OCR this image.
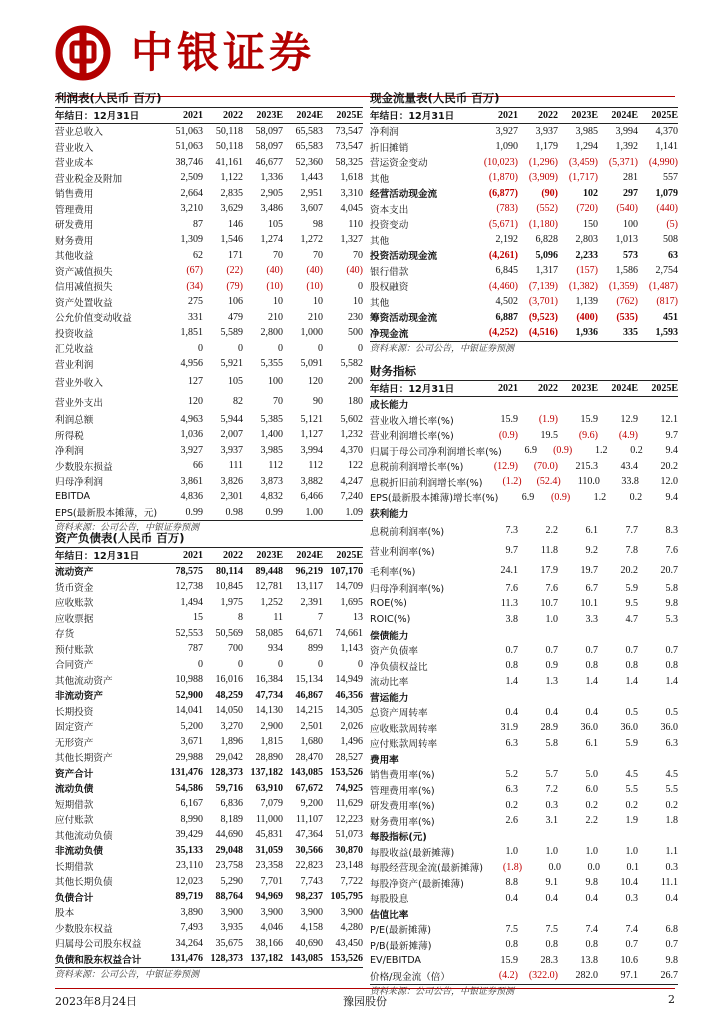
中银证券
利润表(人民币 百万)
年结日：12月31日	2021	2022	2023E	2024E	2025E
营业总收入	51,063	50,118	58,097	65,583	73,547
营业收入	51,063	50,118	58,097	65,583	73,547
营业成本	38,746	41,161	46,677	52,360	58,325
营业税金及附加	2,509	1,122	1,336	1,443	1,618
销售费用	2,664	2,835	2,905	2,951	3,310
管理费用	3,210	3,629	3,486	3,607	4,045
研发费用	87	146	105	98	110
财务费用	1,309	1,546	1,274	1,272	1,327
其他收益	62	171	70	70	70
资产减值损失	(67)	(22)	(40)	(40)	(40)
信用减值损失	(34)	(79)	(10)	(10)	0
资产处置收益	275	106	10	10	10
公允价值变动收益	331	479	210	210	230
投资收益	1,851	5,589	2,800	1,000	500
汇兑收益	0	0	0	0	0
营业利润	4,956	5,921	5,355	5,091	5,582
营业外收入	127	105	100	120	200
营业外支出	120	82	70	90	180
利润总额	4,963	5,944	5,385	5,121	5,602
所得税	1,036	2,007	1,400	1,127	1,232
净利润	3,927	3,937	3,985	3,994	4,370
少数股东损益	66	111	112	112	122
归母净利润	3,861	3,826	3,873	3,882	4,247
EBITDA	4,836	2,301	4,832	6,466	7,240
EPS(最新股本摊薄，元)	0.99	0.98	0.99	1.00	1.09
资料来源：公司公告，中银证券预测
资产负债表(人民币 百万)
年结日：12月31日	2021	2022	2023E	2024E	2025E
流动资产	78,575	80,114	89,448	96,219 107,170
货币资金	12,738	10,845	12,781	13,117	14,709
应收账款	1,494	1,975	1,252	2,391	1,695
应收票据	15	8	11	7	13
存货	52,553	50,569	58,085	64,671	74,661
预付账款	787	700	934	899	1,143
合同资产	0	0	0	0	0
其他流动资产	10,988	16,016	16,384	15,134	14,949
非流动资产	52,900	48,259	47,734	46,867	46,356
长期投资	14,041	14,050	14,130	14,215	14,305
固定资产	5,200	3,270	2,900	2,501	2,026
无形资产	3,671	1,896	1,815	1,680	1,496
其他长期资产	29,988	29,042	28,890	28,470	28,527
资产合计	131,476 128,373 137,182 143,085 153,526
流动负债	54,586	59,716	63,910	67,672	74,925
短期借款	6,167	6,836	7,079	9,200	11,629
应付账款	8,990	8,189	11,000	11,107	12,223
其他流动负债	39,429	44,690	45,831	47,364	51,073
非流动负债	35,133	29,048	31,059	30,566	30,870
长期借款	23,110	23,758	23,358	22,823	23,148
其他长期负债	12,023	5,290	7,701	7,743	7,722
负债合计	89,719	88,764	94,969	98,237 105,795
股本	3,890	3,900	3,900	3,900	3,900
少数股东权益	7,493	3,935	4,046	4,158	4,280
归属母公司股东权益	34,264	35,675	38,166	40,690	43,450
负债和股东权益合计	131,476 128,373 137,182 143,085 153,526
资料来源：公司公告，中银证券预测
现金流量表(人民币 百万)
年结日：12月31日	2021	2022	2023E	2024E	2025E
净利润	3,927	3,937	3,985	3,994	4,370
折旧摊销	1,090	1,179	1,294	1,392	1,141
营运资金变动	(10,023)	(1,296)	(3,459)	(5,371)	(4,990)
其他	(1,870)	(3,909)	(1,717)	281	557
经营活动现金流	(6,877)	(90)	102	297	1,079
资本支出	(783)	(552)	(720)	(540)	(440)
投资变动	(5,671)	(1,180)	150	100	(5)
其他	2,192	6,828	2,803	1,013	508
投资活动现金流	(4,261)	5,096	2,233	573	63
银行借款	6,845	1,317	(157)	1,586	2,754
股权融资	(4,460)	(7,139)	(1,382)	(1,359)	(1,487)
其他	4,502	(3,701)	1,139	(762)	(817)
筹资活动现金流	6,887	(9,523)	(400)	(535)	451
净现金流	(4,252)	(4,516)	1,936	335	1,593
资料来源：公司公告，中银证券预测
财务指标
年结日：12月31日	2021	2022	2023E	2024E	2025E
成长能力
营业收入增长率(%)	15.9	(1.9)	15.9	12.9	12.1
营业利润增长率(%)	(0.9)	19.5	(9.6)	(4.9)	9.7
归属于母公司净利润增长率(%)	6.9	(0.9)	1.2	0.2	9.4
息税前利润增长率(%)	(12.9)	(70.0)	215.3	43.4	20.2
息税折旧前利润增长率(%)	(1.2)	(52.4)	110.0	33.8	12.0
EPS(最新股本摊薄)增长率(%)	6.9	(0.9)	1.2	0.2	9.4
获利能力
息税前利润率(%)	7.3	2.2	6.1	7.7	8.3
营业利润率(%)	9.7	11.8	9.2	7.8	7.6
毛利率(%)	24.1	17.9	19.7	20.2	20.7
归母净利润率(%)	7.6	7.6	6.7	5.9	5.8
ROE(%)	11.3	10.7	10.1	9.5	9.8
ROIC(%)	3.8	1.0	3.3	4.7	5.3
偿债能力
资产负债率	0.7	0.7	0.7	0.7	0.7
净负债权益比	0.8	0.9	0.8	0.8	0.8
流动比率	1.4	1.3	1.4	1.4	1.4
营运能力
总资产周转率	0.4	0.4	0.4	0.5	0.5
应收账款周转率	31.9	28.9	36.0	36.0	36.0
应付账款周转率	6.3	5.8	6.1	5.9	6.3
费用率
销售费用率(%)	5.2	5.7	5.0	4.5	4.5
管理费用率(%)	6.3	7.2	6.0	5.5	5.5
研发费用率(%)	0.2	0.3	0.2	0.2	0.2
财务费用率(%)	2.6	3.1	2.2	1.9	1.8
每股指标(元)
每股收益(最新摊薄)	1.0	1.0	1.0	1.0	1.1
每股经营现金流(最新摊薄)	(1.8)	0.0	0.0	0.1	0.3
每股净资产(最新摊薄)	8.8	9.1	9.8	10.4	11.1
每股股息	0.4	0.4	0.4	0.3	0.4
估值比率
P/E(最新摊薄)	7.5	7.5	7.4	7.4	6.8
P/B(最新摊薄)	0.8	0.8	0.8	0.7	0.7
EV/EBITDA	15.9	28.3	13.8	10.6	9.8
价格/现金流（倍）	(4.2)	(322.0)	282.0	97.1	26.7
资料来源：公司公告，中银证券预测
2023年8月24日	豫园股份	2
